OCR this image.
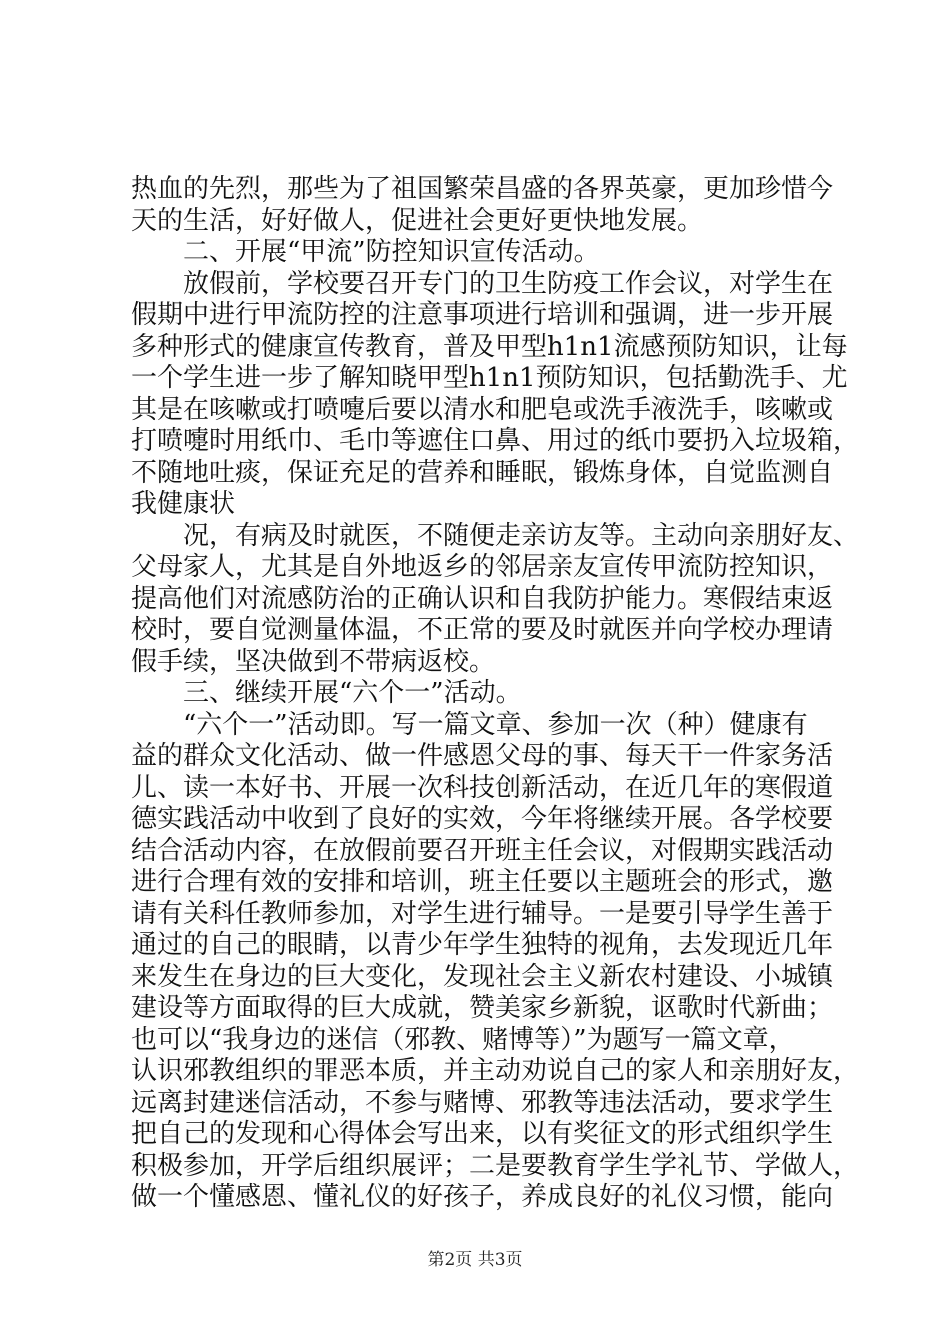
热血的先烈，那些为了祖国繁荣昌盛的各界英豪，更加珍惜今
天的生活，好好做人，促进社会更好更快地发展。
二、开展“甲流”防控知识宣传活动。
放假前，学校要召开专门的卫生防疫工作会议，对学生在
假期中进行甲流防控的注意事项进行培训和强调，进一步开展
多种形式的健康宣传教育，普及甲型h1n1流感预防知识，让每
一个学生进一步了解知晓甲型h1n1预防知识，包括勤洗手、尤
其是在咳嗽或打喷嚏后要以清水和肥皂或洗手液洗手，咳嗽或
打喷嚏时用纸巾、毛巾等遮住口鼻、用过的纸巾要扔入垃圾箱，
不随地吐痰，保证充足的营养和睡眠，锻炼身体，自觉监测自
我健康状
况，有病及时就医，不随便走亲访友等。主动向亲朋好友、
父母家人，尤其是自外地返乡的邻居亲友宣传甲流防控知识，
提高他们对流感防治的正确认识和自我防护能力。寒假结束返
校时，要自觉测量体温，不正常的要及时就医并向学校办理请
假手续，坚决做到不带病返校。
三、继续开展“六个一”活动。
“六个一”活动即。写一篇文章、参加一次（种）健康有
益的群众文化活动、做一件感恩父母的事、每天干一件家务活
儿、读一本好书、开展一次科技创新活动，在近几年的寒假道
德实践活动中收到了良好的实效，今年将继续开展。各学校要
结合活动内容，在放假前要召开班主任会议，对假期实践活动
进行合理有效的安排和培训，班主任要以主题班会的形式，邀
请有关科任教师参加，对学生进行辅导。一是要引导学生善于
通过的自己的眼睛，以青少年学生独特的视角，去发现近几年
来发生在身边的巨大变化，发现社会主义新农村建设、小城镇
建设等方面取得的巨大成就，赞美家乡新貌，讴歌时代新曲；
也可以“我身边的迷信（邪教、赌博等）”为题写一篇文章，
认识邪教组织的罪恶本质，并主动劝说自己的家人和亲朋好友，
远离封建迷信活动，不参与赌博、邪教等违法活动，要求学生
把自己的发现和心得体会写出来，以有奖征文的形式组织学生
积极参加，开学后组织展评；二是要教育学生学礼节、学做人，
做一个懂感恩、懂礼仪的好孩子，养成良好的礼仪习惯，能向
第2页 共3页
